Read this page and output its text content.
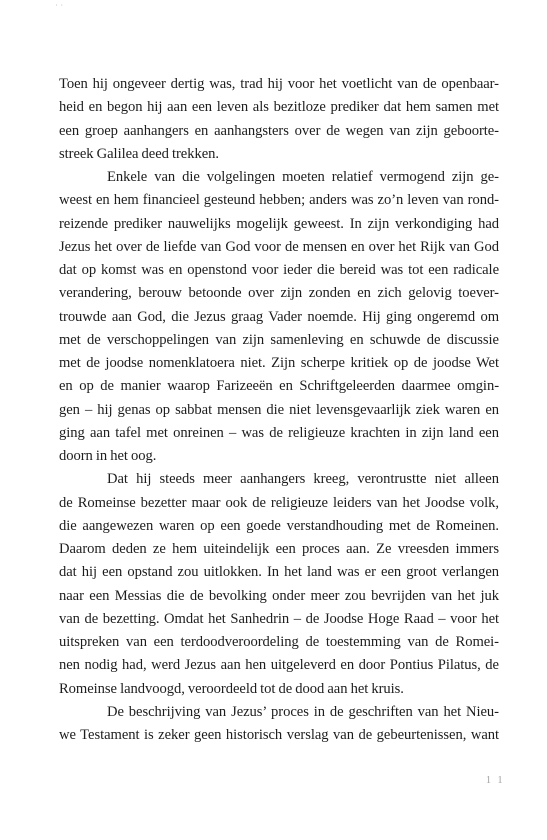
˙ ˙
Toen hij ongeveer dertig was, trad hij voor het voetlicht van de openbaar-
heid en begon hij aan een leven als bezitloze prediker dat hem samen met
een groep aanhangers en aanhangsters over de wegen van zijn geboorte-
streek Galilea deed trekken.
Enkele van die volgelingen moeten relatief vermogend zijn ge-
weest en hem financieel gesteund hebben; anders was zo’n leven van rond-
reizende prediker nauwelijks mogelijk geweest. In zijn verkondiging had
Jezus het over de liefde van God voor de mensen en over het Rijk van God
dat op komst was en openstond voor ieder die bereid was tot een radicale
verandering, berouw betoonde over zijn zonden en zich gelovig toever-
trouwde aan God, die Jezus graag Vader noemde. Hij ging ongeremd om
met de verschoppelingen van zijn samenleving en schuwde de discussie
met de joodse nomenklatoera niet. Zijn scherpe kritiek op de joodse Wet
en op de manier waarop Farizeeën en Schriftgeleerden daarmee omgin-
gen – hij genas op sabbat mensen die niet levensgevaarlijk ziek waren en
ging aan tafel met onreinen – was de religieuze krachten in zijn land een
doorn in het oog.
Dat hij steeds meer aanhangers kreeg, verontrustte niet alleen
de Romeinse bezetter maar ook de religieuze leiders van het Joodse volk,
die aangewezen waren op een goede verstandhouding met de Romeinen.
Daarom deden ze hem uiteindelijk een proces aan. Ze vreesden immers
dat hij een opstand zou uitlokken. In het land was er een groot verlangen
naar een Messias die de bevolking onder meer zou bevrijden van het juk
van de bezetting. Omdat het Sanhedrin – de Joodse Hoge Raad – voor het
uitspreken van een terdoodveroordeling de toestemming van de Romei-
nen nodig had, werd Jezus aan hen uitgeleverd en door Pontius Pilatus, de
Romeinse landvoogd, veroordeeld tot de dood aan het kruis.
De beschrijving van Jezus’ proces in de geschriften van het Nieu-
we Testament is zeker geen historisch verslag van de gebeurtenissen, want
1 1
